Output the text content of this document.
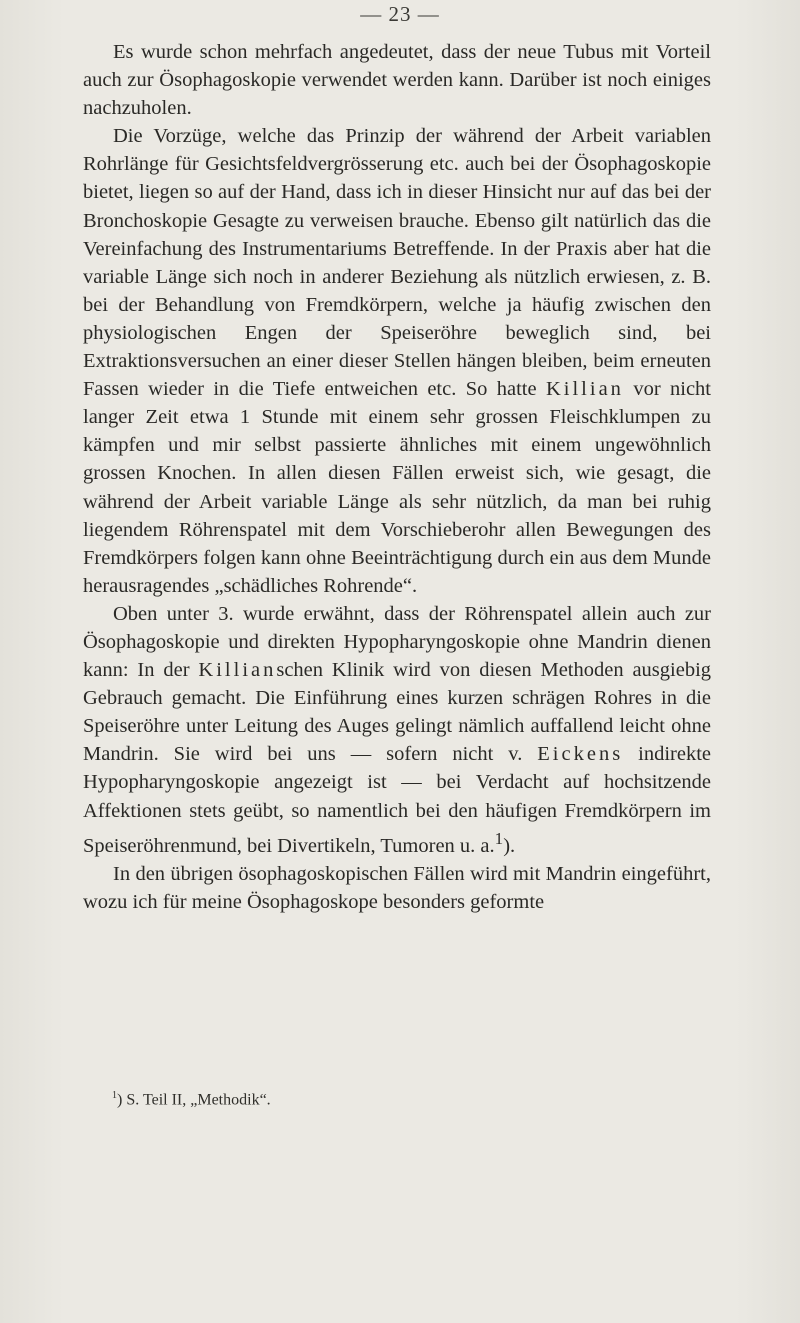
— 23 —

Es wurde schon mehrfach angedeutet, dass der neue Tubus mit Vorteil auch zur Ösophagoskopie verwendet werden kann. Darüber ist noch einiges nachzuholen.

Die Vorzüge, welche das Prinzip der während der Arbeit variablen Rohrlänge für Gesichtsfeldvergrösserung etc. auch bei der Ösophagoskopie bietet, liegen so auf der Hand, dass ich in dieser Hinsicht nur auf das bei der Bronchoskopie Gesagte zu verweisen brauche. Ebenso gilt natürlich das die Vereinfachung des Instrumentariums Betreffende. In der Praxis aber hat die variable Länge sich noch in anderer Beziehung als nützlich erwiesen, z. B. bei der Behandlung von Fremdkörpern, welche ja häufig zwischen den physiologischen Engen der Speiseröhre beweglich sind, bei Extraktionsversuchen an einer dieser Stellen hängen bleiben, beim erneuten Fassen wieder in die Tiefe entweichen etc. So hatte Killian vor nicht langer Zeit etwa 1 Stunde mit einem sehr grossen Fleischklumpen zu kämpfen und mir selbst passierte ähnliches mit einem ungewöhnlich grossen Knochen. In allen diesen Fällen erweist sich, wie gesagt, die während der Arbeit variable Länge als sehr nützlich, da man bei ruhig liegendem Röhrenspatel mit dem Vorschieberohr allen Bewegungen des Fremdkörpers folgen kann ohne Beeinträchtigung durch ein aus dem Munde herausragendes „schädliches Rohrende“.

Oben unter 3. wurde erwähnt, dass der Röhrenspatel allein auch zur Ösophagoskopie und direkten Hypopharyngoskopie ohne Mandrin dienen kann: In der Killianschen Klinik wird von diesen Methoden ausgiebig Gebrauch gemacht. Die Einführung eines kurzen schrägen Rohres in die Speiseröhre unter Leitung des Auges gelingt nämlich auffallend leicht ohne Mandrin. Sie wird bei uns — sofern nicht v. Eickens indirekte Hypopharyngoskopie angezeigt ist — bei Verdacht auf hochsitzende Affektionen stets geübt, so namentlich bei den häufigen Fremdkörpern im Speiseröhrenmund, bei Divertikeln, Tumoren u. a.$^1$).

In den übrigen ösophagoskopischen Fällen wird mit Mandrin eingeführt, wozu ich für meine Ösophagoskope besonders geformte

$^1$) S. Teil II, „Methodik“.
